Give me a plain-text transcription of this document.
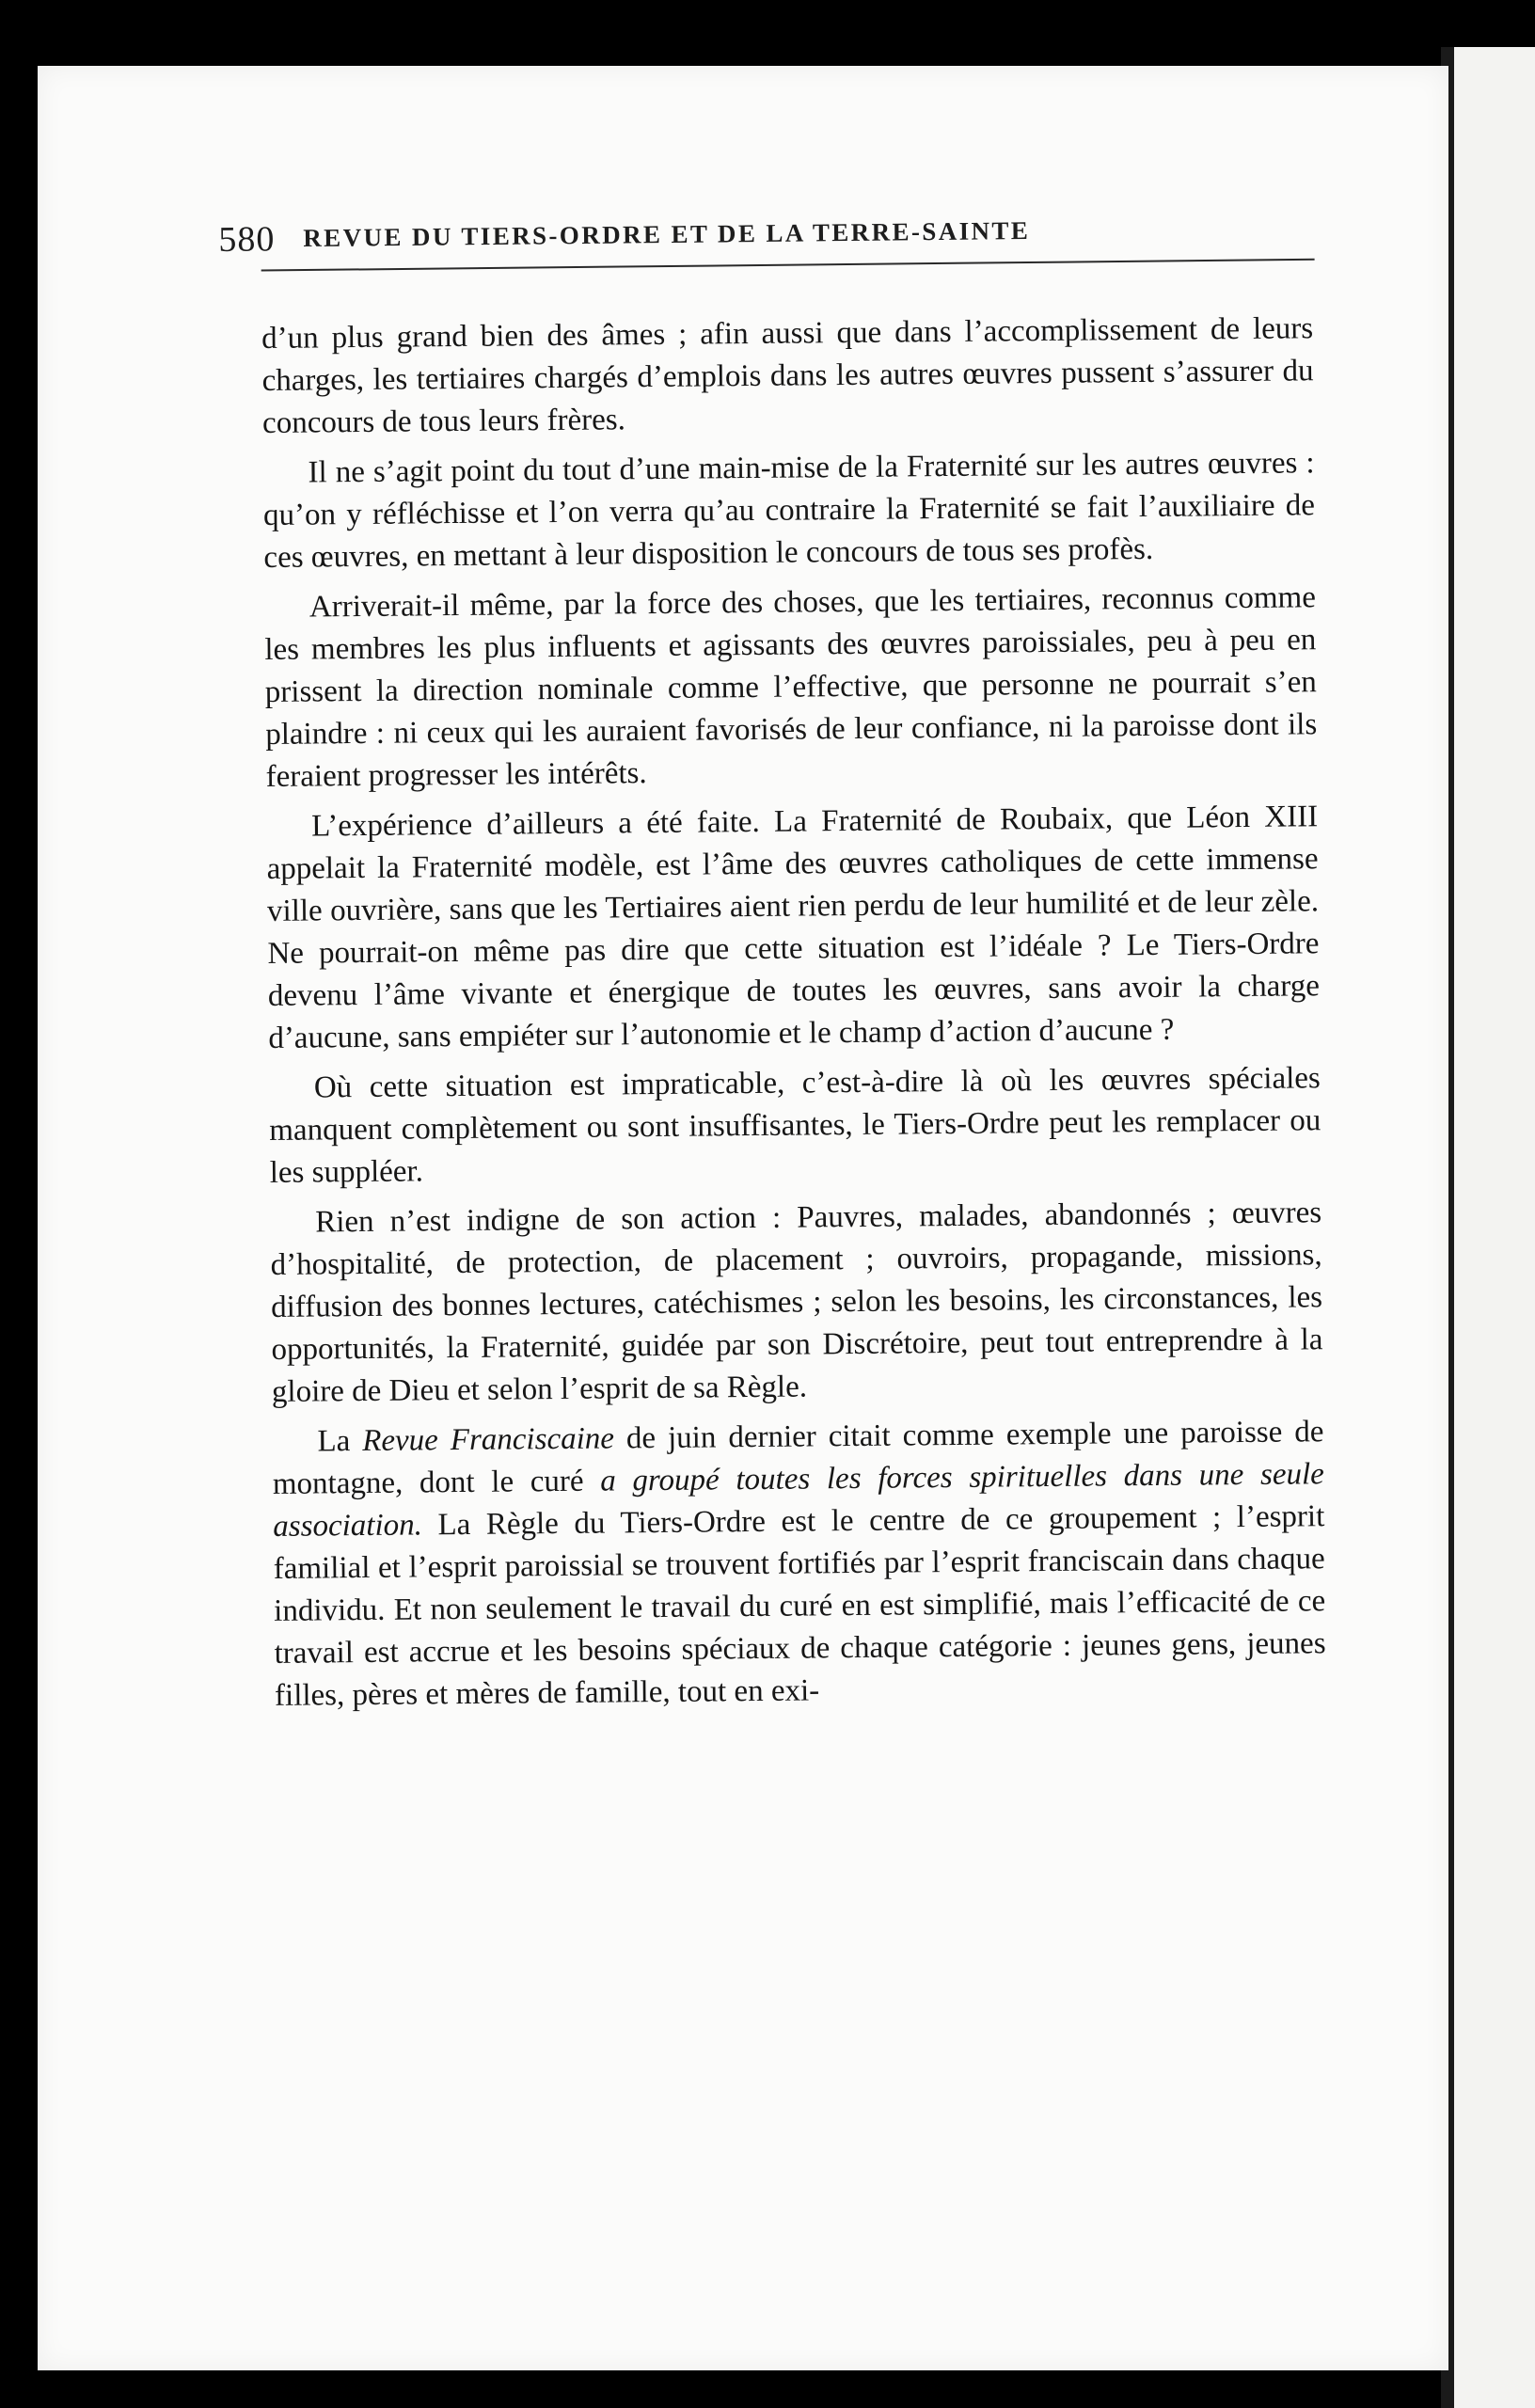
580 REVUE DU TIERS-ORDRE ET DE LA TERRE-SAINTE

d’un plus grand bien des âmes ; afin aussi que dans l’accomplissement de leurs charges, les tertiaires chargés d’emplois dans les autres œuvres pussent s’assurer du concours de tous leurs frères.

Il ne s’agit point du tout d’une main-mise de la Fraternité sur les autres œuvres : qu’on y réfléchisse et l’on verra qu’au contraire la Fraternité se fait l’auxiliaire de ces œuvres, en mettant à leur disposition le concours de tous ses profès.

Arriverait-il même, par la force des choses, que les tertiaires, reconnus comme les membres les plus influents et agissants des œuvres paroissiales, peu à peu en prissent la direction nominale comme l’effective, que personne ne pourrait s’en plaindre : ni ceux qui les auraient favorisés de leur confiance, ni la paroisse dont ils feraient progresser les intérêts.

L’expérience d’ailleurs a été faite. La Fraternité de Roubaix, que Léon XIII appelait la Fraternité modèle, est l’âme des œuvres catholiques de cette immense ville ouvrière, sans que les Tertiaires aient rien perdu de leur humilité et de leur zèle. Ne pourrait-on même pas dire que cette situation est l’idéale ? Le Tiers-Ordre devenu l’âme vivante et énergique de toutes les œuvres, sans avoir la charge d’aucune, sans empiéter sur l’autonomie et le champ d’action d’aucune ?

Où cette situation est impraticable, c’est-à-dire là où les œuvres spéciales manquent complètement ou sont insuffisantes, le Tiers-Ordre peut les remplacer ou les suppléer.

Rien n’est indigne de son action : Pauvres, malades, abandonnés ; œuvres d’hospitalité, de protection, de placement ; ouvroirs, propagande, missions, diffusion des bonnes lectures, catéchismes ; selon les besoins, les circonstances, les opportunités, la Fraternité, guidée par son Discrétoire, peut tout entreprendre à la gloire de Dieu et selon l’esprit de sa Règle.

La Revue Franciscaine de juin dernier citait comme exemple une paroisse de montagne, dont le curé a groupé toutes les forces spirituelles dans une seule association. La Règle du Tiers-Ordre est le centre de ce groupement ; l’esprit familial et l’esprit paroissial se trouvent fortifiés par l’esprit franciscain dans chaque individu. Et non seulement le travail du curé en est simplifié, mais l’efficacité de ce travail est accrue et les besoins spéciaux de chaque catégorie : jeunes gens, jeunes filles, pères et mères de famille, tout en exi-
